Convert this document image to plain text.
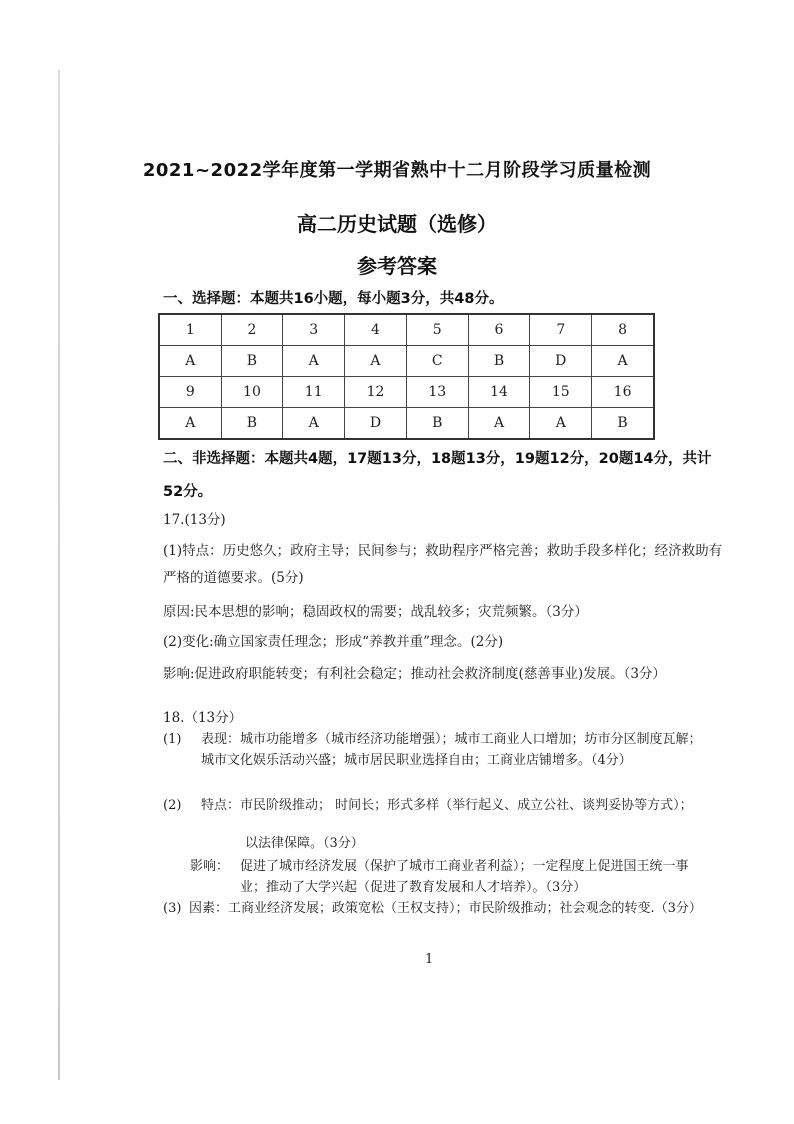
2021~2022学年度第一学期省熟中十二月阶段学习质量检测
高二历史试题（选修）
参考答案
一、选择题：本题共16小题，每小题3分，共48分。
1	2	3	4	5	6	7	8
A	B	A	A	C	B	D	A
9	10	11	12	13	14	15	16
A	B	A	D	B	A	A	B
二、非选择题：本题共4题，17题13分，18题13分，19题12分，20题14分，共计52分。
17.(13分)
(1)特点：历史悠久；政府主导；民间参与；救助程序严格完善；救助手段多样化；经济救助有严格的道德要求。(5分)
原因:民本思想的影响；稳固政权的需要；战乱较多；灾荒频繁。（3分）
(2)变化:确立国家责任理念；形成“养教并重”理念。(2分)
影响:促进政府职能转变；有利社会稳定；推动社会救济制度(慈善事业)发展。（3分）
18.（13分）
(1) 表现：城市功能增多（城市经济功能增强）；城市工商业人口增加；坊市分区制度瓦解；城市文化娱乐活动兴盛；城市居民职业选择自由；工商业店铺增多。（4分）
(2) 特点：市民阶级推动； 时间长；形式多样（举行起义、成立公社、谈判妥协等方式）；
以法律保障。（3分）
影响： 促进了城市经济发展（保护了城市工商业者利益）；一定程度上促进国王统一事业；推动了大学兴起（促进了教育发展和人才培养）。（3分）
(3) 因素：工商业经济发展；政策宽松（王权支持）；市民阶级推动；社会观念的转变.（3分）
1
